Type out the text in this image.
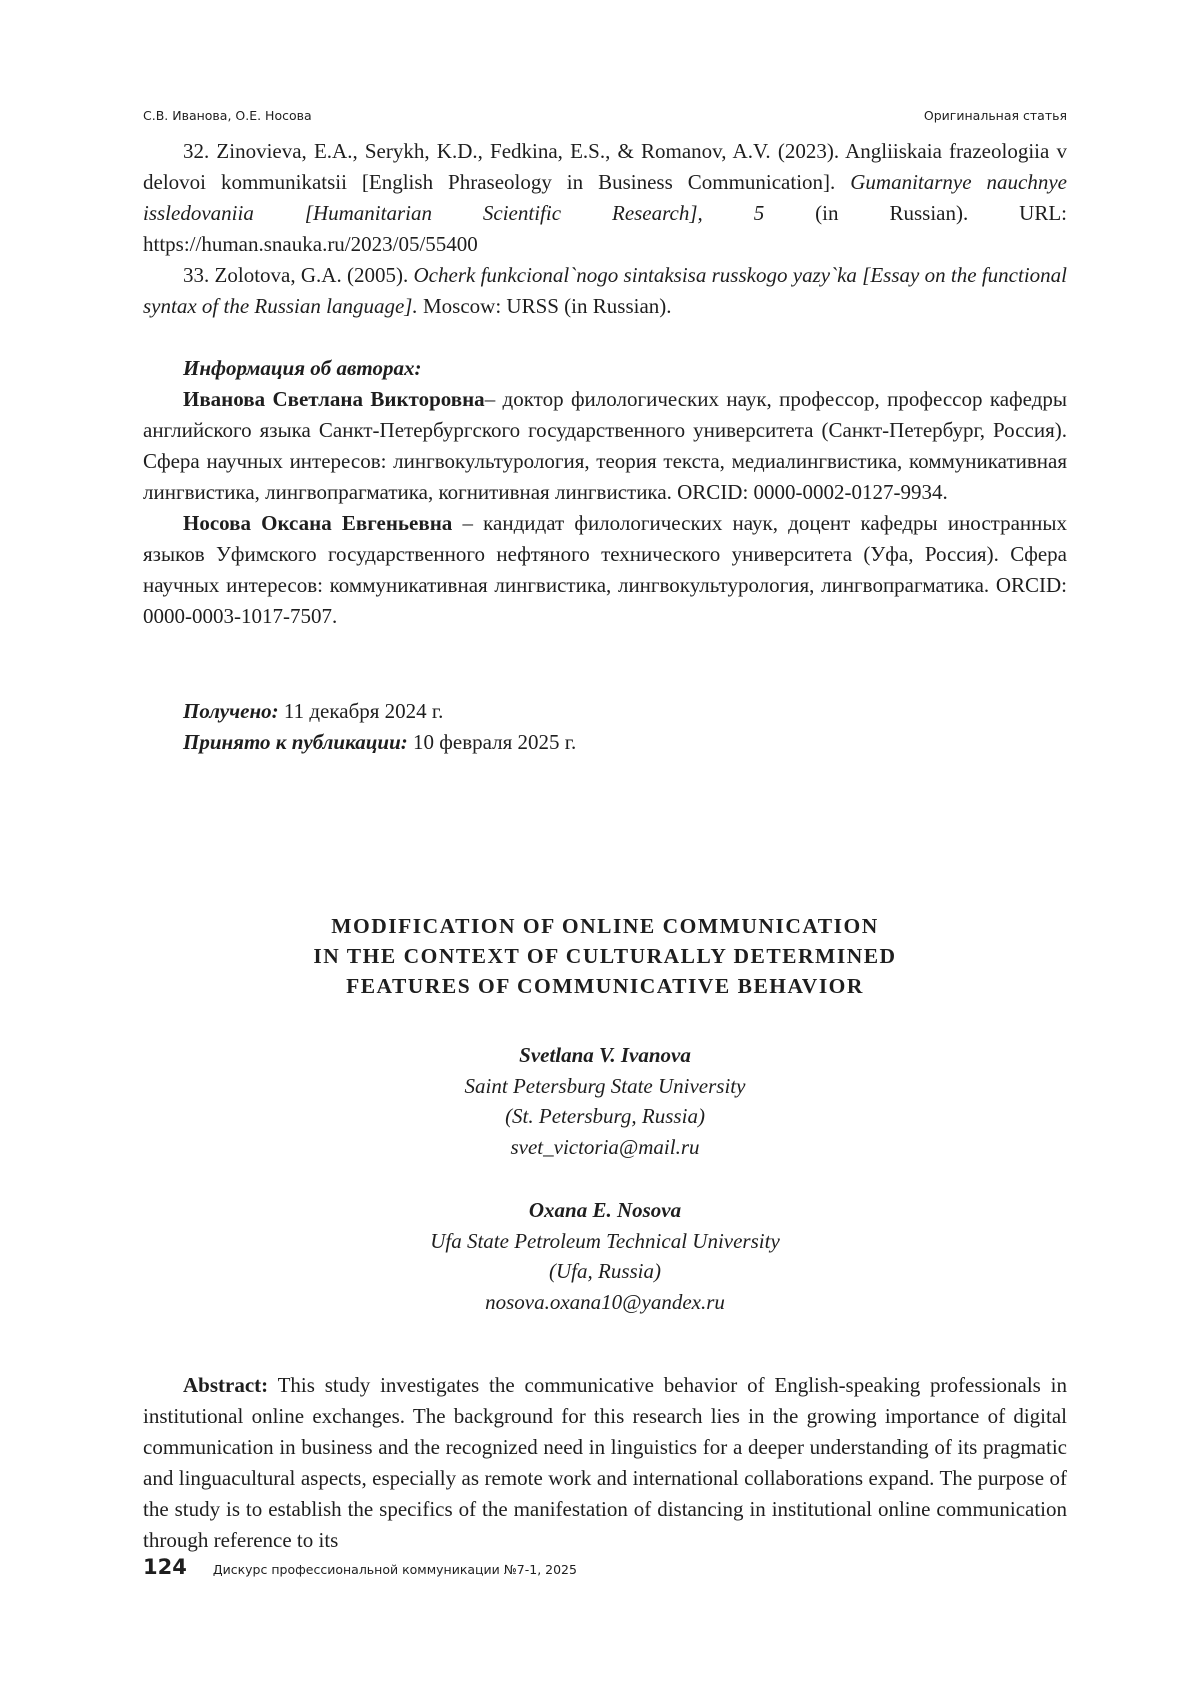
С.В. Иванова, О.Е. Носова	Оригинальная статья

32. Zinovieva, E.A., Serykh, K.D., Fedkina, E.S., & Romanov, A.V. (2023). Angliiskaia frazeologiia v delovoi kommunikatsii [English Phraseology in Business Communication]. Gumanitarnye nauchnye issledovaniia [Humanitarian Scientific Research], 5 (in Russian). URL: https://human.snauka.ru/2023/05/55400

33. Zolotova, G.A. (2005). Ocherk funkcional`nogo sintaksisa russkogo yazy`ka [Essay on the functional syntax of the Russian language]. Moscow: URSS (in Russian).

Информация об авторах:

Иванова Светлана Викторовна– доктор филологических наук, профессор, профессор кафедры английского языка Санкт-Петербургского государственного университета (Санкт-Петербург, Россия). Сфера научных интересов: лингвокультурология, теория текста, медиалингвистика, коммуникативная лингвистика, лингвопрагматика, когнитивная лингвистика. ORCID: 0000-0002-0127-9934.

Носова Оксана Евгеньевна – кандидат филологических наук, доцент кафедры иностранных языков Уфимского государственного нефтяного технического университета (Уфа, Россия). Сфера научных интересов: коммуникативная лингвистика, лингвокультурология, лингвопрагматика. ORCID: 0000-0003-1017-7507.

Получено: 11 декабря 2024 г.

Принято к публикации: 10 февраля 2025 г.

MODIFICATION OF ONLINE COMMUNICATION
IN THE CONTEXT OF CULTURALLY DETERMINED
FEATURES OF COMMUNICATIVE BEHAVIOR
Svetlana V. Ivanova
Saint Petersburg State University
(St. Petersburg, Russia)
svet_victoria@mail.ru
Oxana E. Nosova
Ufa State Petroleum Technical University
(Ufa, Russia)
nosova.oxana10@yandex.ru

Abstract: This study investigates the communicative behavior of English-speaking professionals in institutional online exchanges. The background for this research lies in the growing importance of digital communication in business and the recognized need in linguistics for a deeper understanding of its pragmatic and linguacultural aspects, especially as remote work and international collaborations expand. The purpose of the study is to establish the specifics of the manifestation of distancing in institutional online communication through reference to its

124 Дискурс профессиональной коммуникации №7-1, 2025
